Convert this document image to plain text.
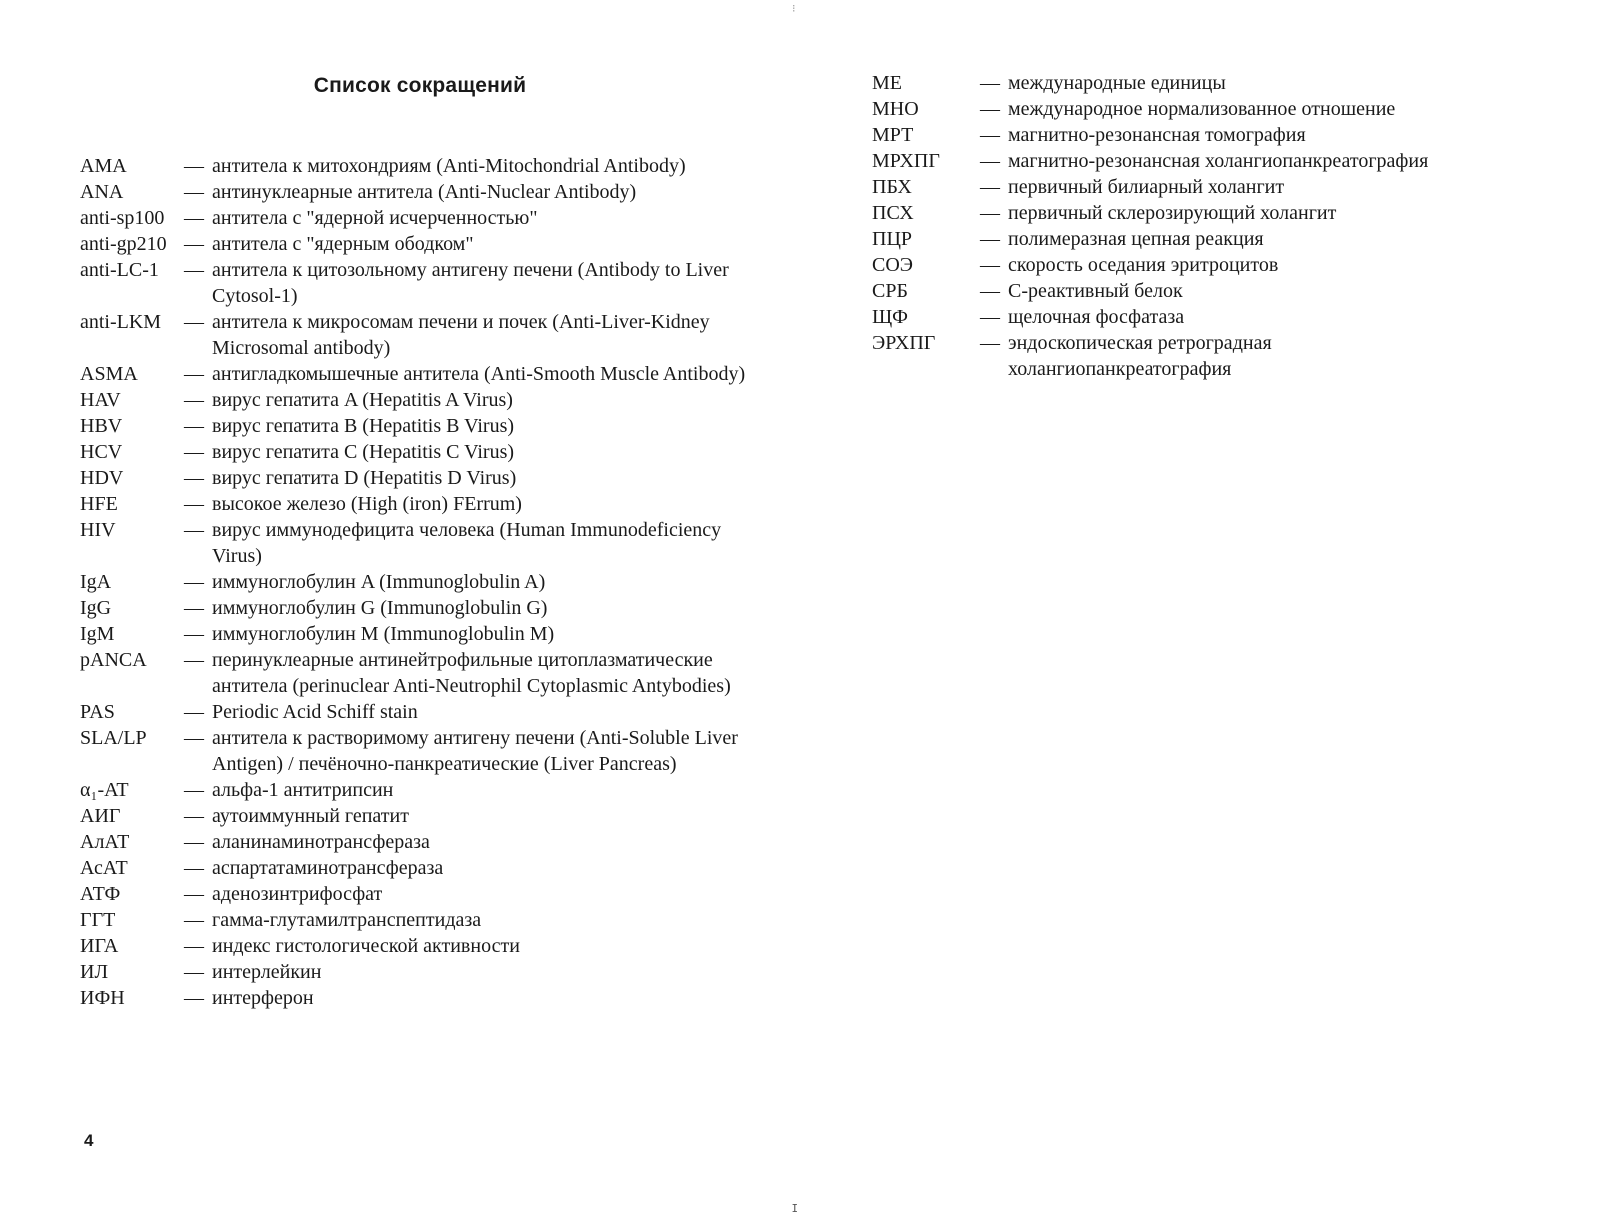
⁝
Список сокращений
AMA	— антитела к митохондриям (Anti-Mitochondrial Antibody)
ANA	— антинуклеарные антитела (Anti-Nuclear Antibody)
anti-sp100 — антитела с "ядерной исчерченностью"
anti-gp210 — антитела с "ядерным ободком"
anti-LC-1	— антитела к цитозольному антигену печени (Antibody to Liver Cytosol-1)
anti-LKM	— антитела к микросомам печени и почек (Anti-Liver-Kidney Microsomal antibody)
ASMA	— антигладкомышечные антитела (Anti-Smooth Muscle Antibody)
HAV	— вирус гепатита A (Hepatitis A Virus)
HBV	— вирус гепатита B (Hepatitis B Virus)
HCV	— вирус гепатита C (Hepatitis C Virus)
HDV	— вирус гепатита D (Hepatitis D Virus)
HFE	— высокое железо (High (iron) FErrum)
HIV	— вирус иммунодефицита человека (Human Immunodeficiency Virus)
IgA	— иммуноглобулин A (Immunoglobulin A)
IgG	— иммуноглобулин G (Immunoglobulin G)
IgM	— иммуноглобулин M (Immunoglobulin M)
pANCA	— перинуклеарные антинейтрофильные цитоплазматические антитела (perinuclear Anti-Neutrophil Cytoplasmic Antybodies)
PAS	— Periodic Acid Schiff stain
SLA/LP	— антитела к растворимому антигену печени (Anti-Soluble Liver Antigen) / печёночно-панкреатические (Liver Pancreas)
α₁-AT	— альфа-1 антитрипсин
АИГ	— аутоиммунный гепатит
АлАТ	— аланинаминотрансфераза
АсАТ	— аспартатаминотрансфераза
АТФ	— аденозинтрифосфат
ГГТ	— гамма-глутамилтранспептидаза
ИГА	— индекс гистологической активности
ИЛ	— интерлейкин
ИФН	— интерферон
МЕ	— международные единицы
МНО	— международное нормализованное отношение
МРТ	— магнитно-резонансная томография
МРХПГ	— магнитно-резонансная холангиопанкреатография
ПБХ	— первичный билиарный холангит
ПСХ	— первичный склерозирующий холангит
ПЦР	— полимеразная цепная реакция
СОЭ	— скорость оседания эритроцитов
СРБ	— С-реактивный белок
ЩФ	— щелочная фосфатаза
ЭРХПГ	— эндоскопическая ретроградная холангиопанкреатография
4
ⵊ
